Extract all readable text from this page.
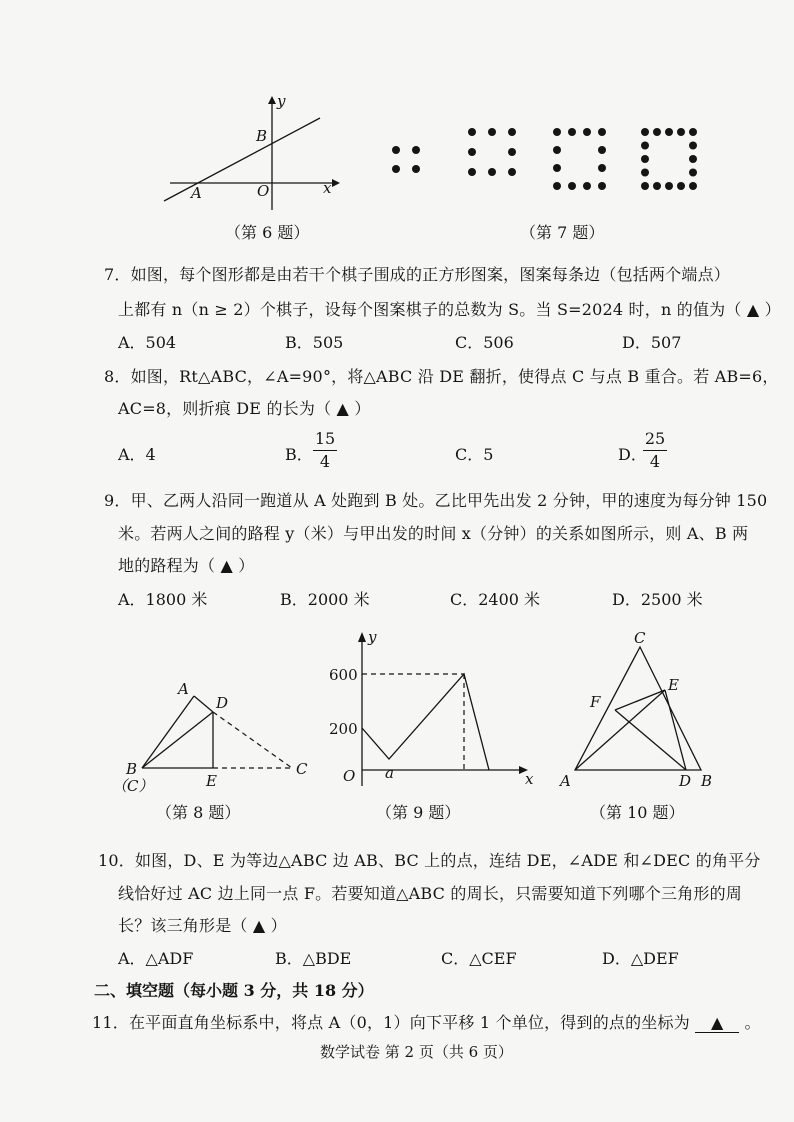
y
x
B
A	O
（第 6 题）	（第 7 题）
7．如图，每个图形都是由若干个棋子围成的正方形图案，图案每条边（包括两个端点）
上都有 n（n ≥ 2）个棋子，设每个图案棋子的总数为 S。当 S=2024 时，n 的值为（ ▲ ）
A．504	B．505	C．506	D．507
8．如图，Rt△ABC，∠A=90°，将△ABC 沿 DE 翻折，使得点 C 与点 B 重合。若 AB=6，
AC=8，则折痕 DE 的长为（ ▲ ）
A．4	B． $\frac{15}{4}$	C．5	D．
$\frac{25}{4}$
9．甲、乙两人沿同一跑道从 A 处跑到 B 处。乙比甲先出发 2 分钟，甲的速度为每分钟 150
米。若两人之间的路程 y（米）与甲出发的时间 x（分钟）的关系如图所示，则 A、B 两
地的路程为（ ▲ ）
A．1800 米	B．2000 米	C．2400 米	D．2500 米
A
D
B
（C）	E
C
（第 8 题）
y
x
O a
600
200
（第 9 题）
C
E
F
A	D B
（第 10 题）
10．如图，D、E 为等边△ABC 边 AB、BC 上的点，连结 DE，∠ADE 和∠DEC 的角平分
线恰好过 AC 边上同一点 F。若要知道△ABC 的周长，只需要知道下列哪个三角形的周
长？该三角形是（ ▲ ）
A．△ADF	B．△BDE	C．△CEF	D．△DEF
二、填空题（每小题 3 分，共 18 分）
11．在平面直角坐标系中，将点 A（0，1）向下平移 1 个单位，得到的点的坐标为 ▲ 。
数学试卷 第 2 页（共 6 页）
